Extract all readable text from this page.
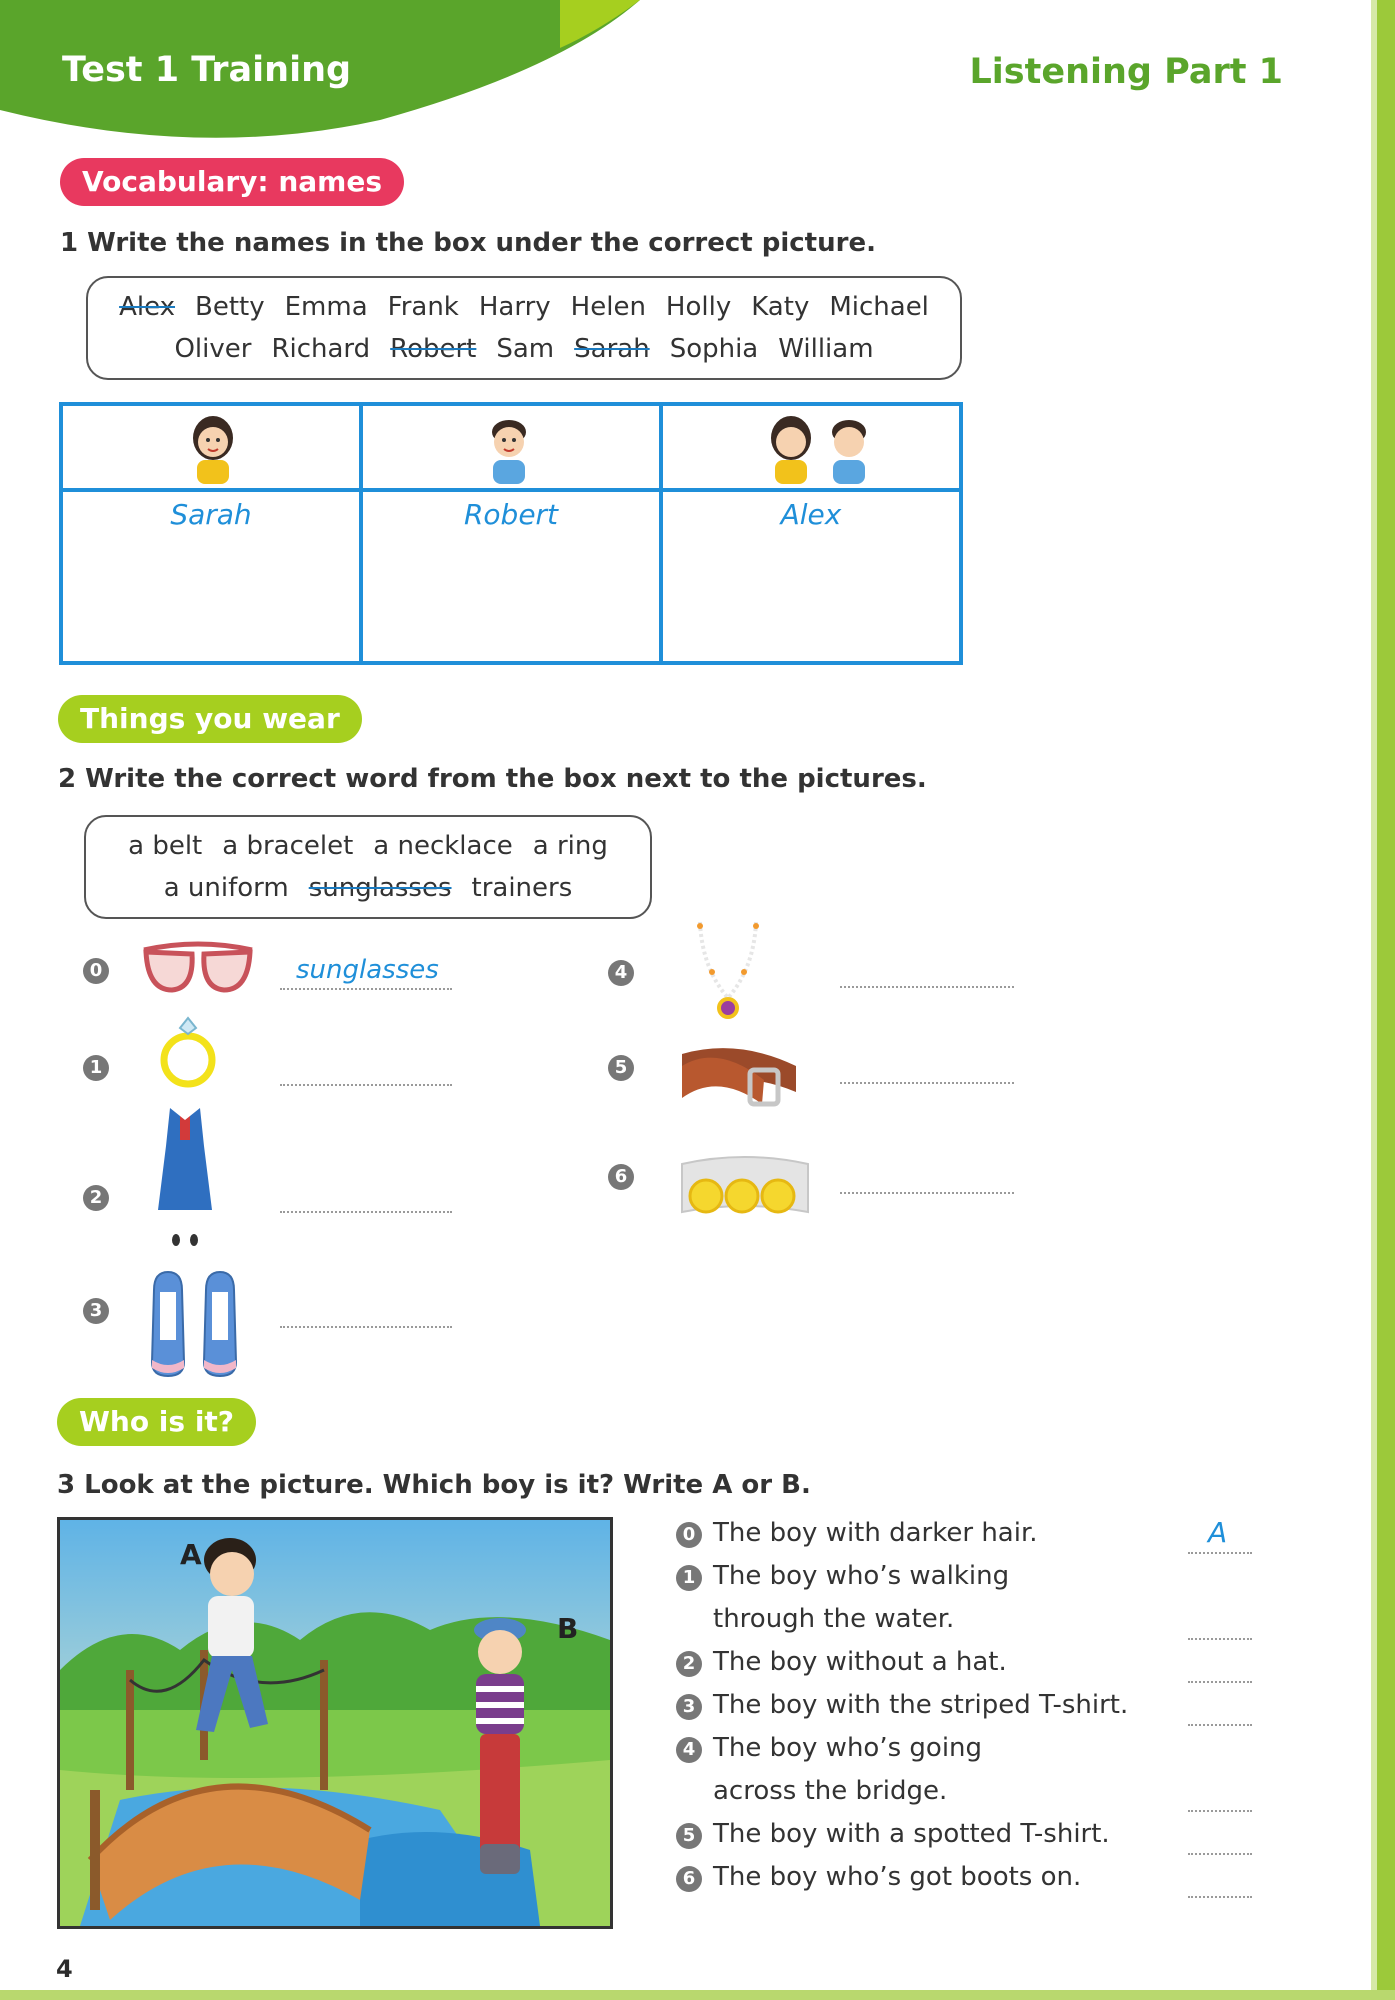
Test 1 Training	Listening Part 1
Vocabulary: names
1 Write the names in the box under the correct picture.
Alex Betty Emma Frank Harry Helen Holly Katy Michael
Oliver Richard Robert Sam Sarah Sophia William
Sarah	Robert	Alex
Things you wear
2 Write the correct word from the box next to the pictures.
a belt a bracelet a necklace a ring
a uniform sunglasses trainers
0	sunglasses
1
2
3
4
5
6
Who is it?
3 Look at the picture. Which boy is it? Write A or B.
A
B
0 The boy with darker hair.	A
1 The boy who’s walking
through the water.
2 The boy without a hat.
3 The boy with the striped T-shirt.
4 The boy who’s going
across the bridge.
5 The boy with a spotted T-shirt.
6 The boy who’s got boots on.
4
